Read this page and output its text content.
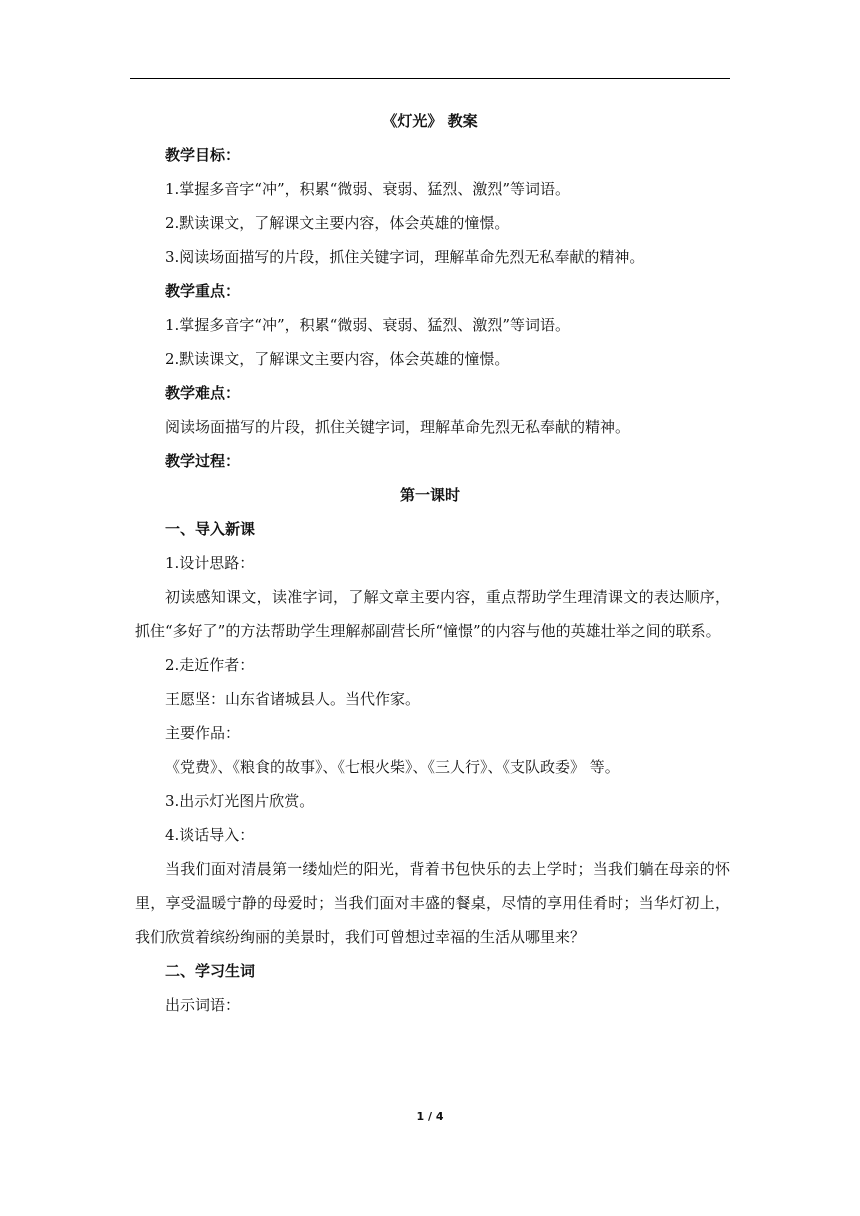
《灯光》 教案
教学目标：
1.掌握多音字“冲”，积累“微弱、衰弱、猛烈、激烈”等词语。
2.默读课文，了解课文主要内容，体会英雄的憧憬。
3.阅读场面描写的片段，抓住关键字词，理解革命先烈无私奉献的精神。
教学重点：
1.掌握多音字“冲”，积累“微弱、衰弱、猛烈、激烈”等词语。
2.默读课文，了解课文主要内容，体会英雄的憧憬。
教学难点：
阅读场面描写的片段，抓住关键字词，理解革命先烈无私奉献的精神。
教学过程：
第一课时
一、导入新课
1.设计思路：
初读感知课文，读准字词，了解文章主要内容，重点帮助学生理清课文的表达顺序，抓住“多好了”的方法帮助学生理解郝副营长所“憧憬”的内容与他的英雄壮举之间的联系。
2.走近作者：
王愿坚：山东省诸城县人。当代作家。
主要作品：
《党费》、《粮食的故事》、《七根火柴》、《三人行》、《支队政委》 等。
3.出示灯光图片欣赏。
4.谈话导入：
当我们面对清晨第一缕灿烂的阳光，背着书包快乐的去上学时；当我们躺在母亲的怀里，享受温暖宁静的母爱时；当我们面对丰盛的餐桌，尽情的享用佳肴时；当华灯初上，我们欣赏着缤纷绚丽的美景时，我们可曾想过幸福的生活从哪里来？
二、学习生词
出示词语：
1 / 4
